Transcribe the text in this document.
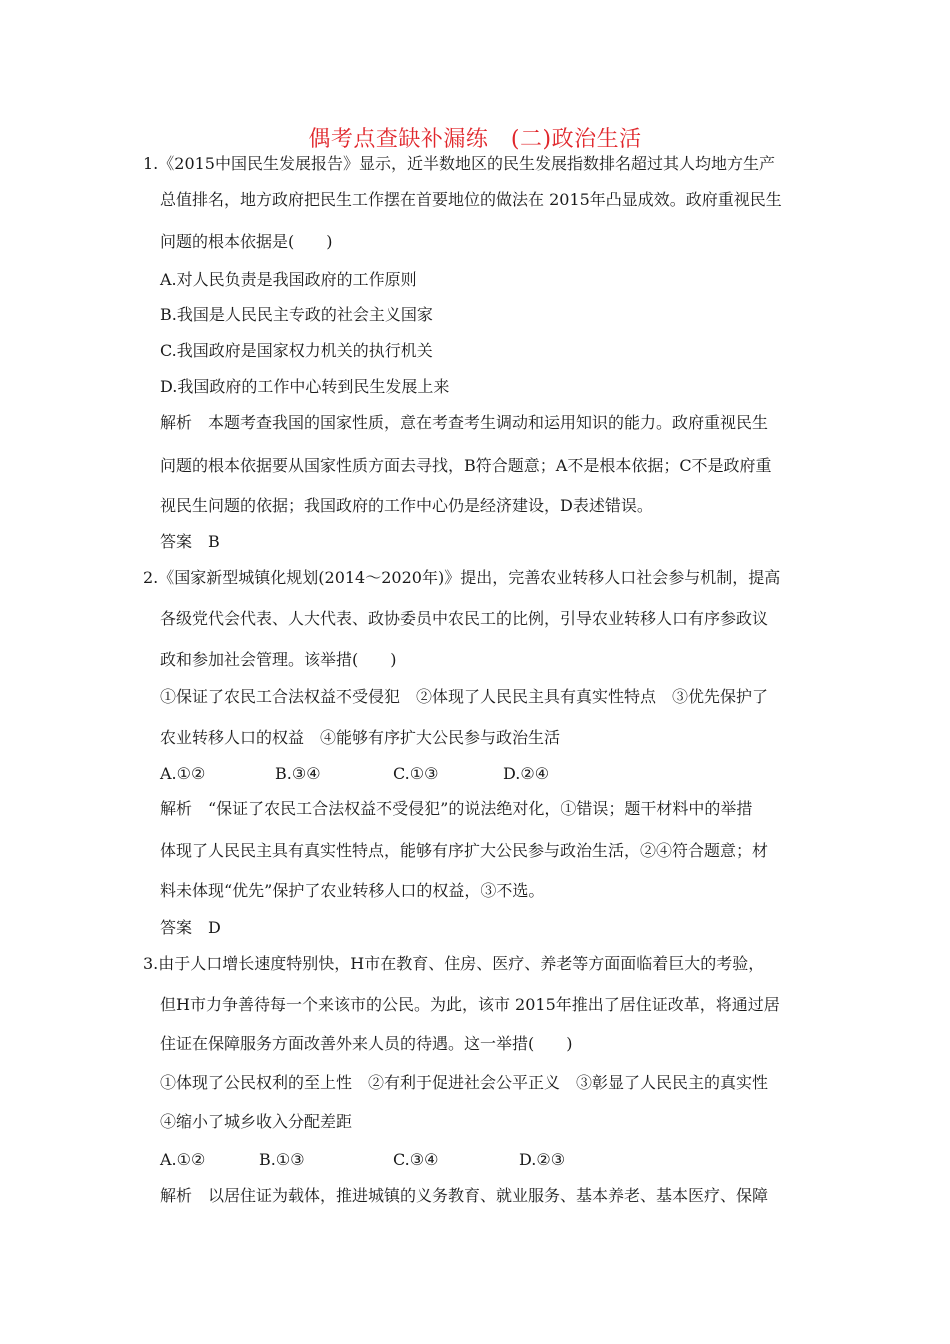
偶考点查缺补漏练　(二)政治生活
1.《2015中国民生发展报告》显示，近半数地区的民生发展指数排名超过其人均地方生产
总值排名，地方政府把民生工作摆在首要地位的做法在 2015年凸显成效。政府重视民生
问题的根本依据是(　　)
A.对人民负责是我国政府的工作原则
B.我国是人民民主专政的社会主义国家
C.我国政府是国家权力机关的执行机关
D.我国政府的工作中心转到民生发展上来
解析　本题考查我国的国家性质，意在考查考生调动和运用知识的能力。政府重视民生
问题的根本依据要从国家性质方面去寻找，B符合题意；A不是根本依据；C不是政府重
视民生问题的依据；我国政府的工作中心仍是经济建设，D表述错误。
答案　B
2.《国家新型城镇化规划(2014～2020年)》提出，完善农业转移人口社会参与机制，提高
各级党代会代表、人大代表、政协委员中农民工的比例，引导农业转移人口有序参政议
政和参加社会管理。该举措(　　)
①保证了农民工合法权益不受侵犯　②体现了人民民主具有真实性特点　③优先保护了
农业转移人口的权益　④能够有序扩大公民参与政治生活
A.①②	B.③④	C.①③	D.②④
解析　“保证了农民工合法权益不受侵犯”的说法绝对化，①错误；题干材料中的举措
体现了人民民主具有真实性特点，能够有序扩大公民参与政治生活，②④符合题意；材
料未体现“优先”保护了农业转移人口的权益，③不选。
答案　D
3.由于人口增长速度特别快，H市在教育、住房、医疗、养老等方面面临着巨大的考验，
但H市力争善待每一个来该市的公民。为此，该市 2015年推出了居住证改革，将通过居
住证在保障服务方面改善外来人员的待遇。这一举措(　　)
①体现了公民权利的至上性　②有利于促进社会公平正义　③彰显了人民民主的真实性
④缩小了城乡收入分配差距
A.①②	B.①③	C.③④	D.②③
解析　以居住证为载体，推进城镇的义务教育、就业服务、基本养老、基本医疗、保障
